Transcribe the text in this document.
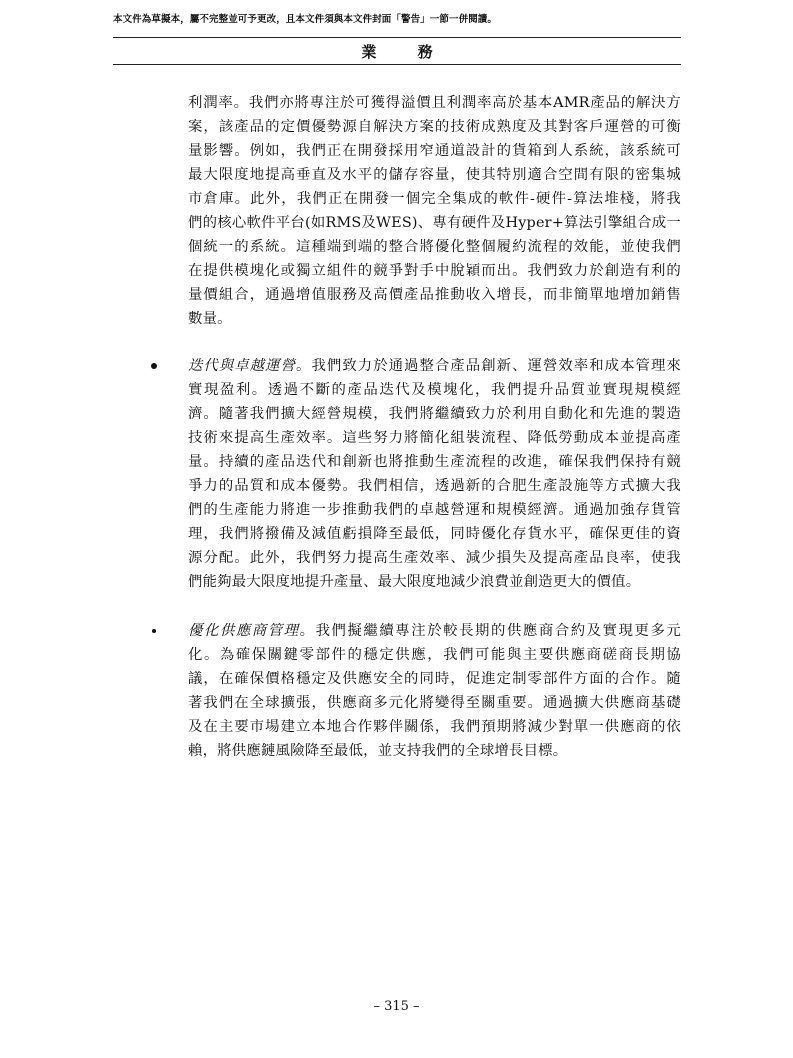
本文件為草擬本，屬不完整並可予更改，且本文件須與本文件封面「警告」一節一併閱讀。
業 務
利潤率。我們亦將專注於可獲得溢價且利潤率高於基本AMR產品的解決方
案，該產品的定價優勢源自解決方案的技術成熟度及其對客戶運營的可衡
量影響。例如，我們正在開發採用窄通道設計的貨箱到人系統，該系統可
最大限度地提高垂直及水平的儲存容量，使其特別適合空間有限的密集城
市倉庫。此外，我們正在開發一個完全集成的軟件-硬件-算法堆棧，將我
們的核心軟件平台(如RMS及WES)、專有硬件及Hyper+算法引擎組合成一
個統一的系統。這種端到端的整合將優化整個履約流程的效能，並使我們
在提供模塊化或獨立組件的競爭對手中脫穎而出。我們致力於創造有利的
量價組合，通過增值服務及高價產品推動收入增長，而非簡單地增加銷售
數量。
迭代與卓越運營。我們致力於通過整合產品創新、運營效率和成本管理來
實現盈利。透過不斷的產品迭代及模塊化，我們提升品質並實現規模經
濟。隨著我們擴大經營規模，我們將繼續致力於利用自動化和先進的製造
技術來提高生產效率。這些努力將簡化組裝流程、降低勞動成本並提高產
量。持續的產品迭代和創新也將推動生產流程的改進，確保我們保持有競
爭力的品質和成本優勢。我們相信，透過新的合肥生產設施等方式擴大我
們的生產能力將進一步推動我們的卓越營運和規模經濟。通過加強存貨管
理，我們將撥備及減值虧損降至最低，同時優化存貨水平，確保更佳的資
源分配。此外，我們努力提高生產效率、減少損失及提高產品良率，使我
們能夠最大限度地提升產量、最大限度地減少浪費並創造更大的價值。
優化供應商管理。我們擬繼續專注於較長期的供應商合約及實現更多元
化。為確保關鍵零部件的穩定供應，我們可能與主要供應商磋商長期協
議，在確保價格穩定及供應安全的同時，促進定制零部件方面的合作。隨
著我們在全球擴張，供應商多元化將變得至關重要。通過擴大供應商基礎
及在主要市場建立本地合作夥伴關係，我們預期將減少對單一供應商的依
賴，將供應鏈風險降至最低，並支持我們的全球增長目標。
– 315 –
